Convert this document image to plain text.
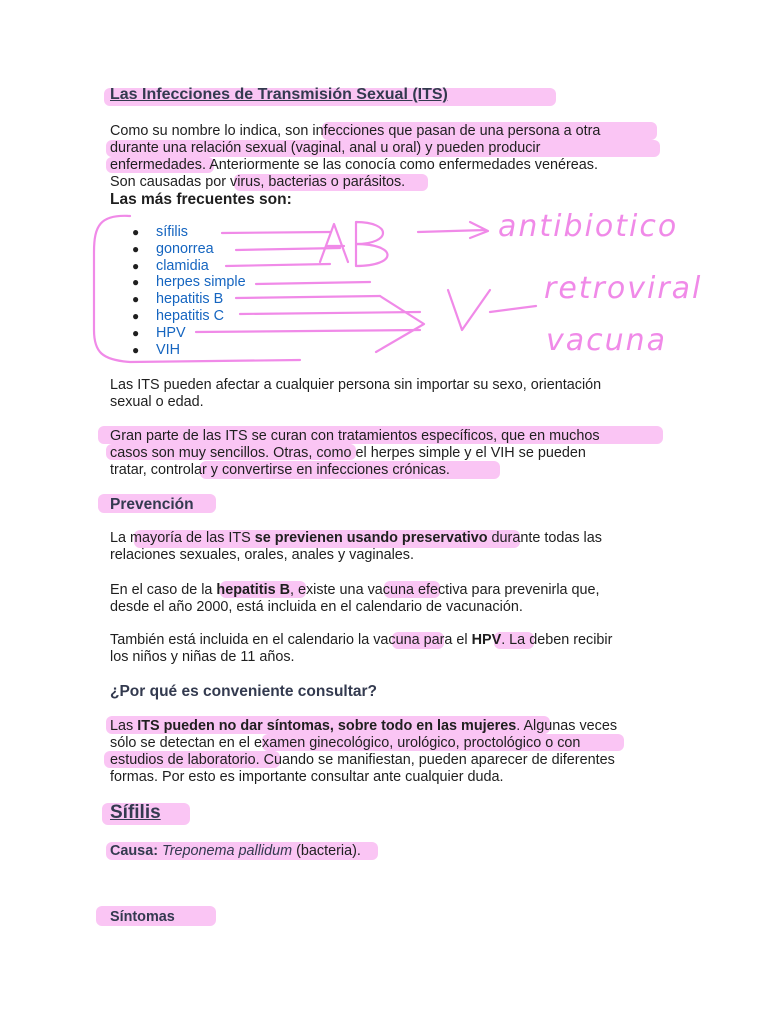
Las Infecciones de Transmisión Sexual (ITS)
Como su nombre lo indica, son infecciones que pasan de una persona a otra
durante una relación sexual (vaginal, anal u oral) y pueden producir
enfermedades. Anteriormente se las conocía como enfermedades venéreas.
Son causadas por virus, bacterias o parásitos.
Las más frecuentes son:
● sífilis
● gonorrea
● clamidia
● herpes simple
● hepatitis B
● hepatitis C
● HPV
● VIH
Las ITS pueden afectar a cualquier persona sin importar su sexo, orientación
sexual o edad.
Gran parte de las ITS se curan con tratamientos específicos, que en muchos
casos son muy sencillos. Otras, como el herpes simple y el VIH se pueden
tratar, controlar y convertirse en infecciones crónicas.
Prevención
La mayoría de las ITS se previenen usando preservativo durante todas las
relaciones sexuales, orales, anales y vaginales.
En el caso de la hepatitis B, existe una vacuna efectiva para prevenirla que,
desde el año 2000, está incluida en el calendario de vacunación.
También está incluida en el calendario la vacuna para el HPV. La deben recibir
los niños y niñas de 11 años.
¿Por qué es conveniente consultar?
Las ITS pueden no dar síntomas, sobre todo en las mujeres. Algunas veces
sólo se detectan en el examen ginecológico, urológico, proctológico o con
estudios de laboratorio. Cuando se manifiestan, pueden aparecer de diferentes
formas. Por esto es importante consultar ante cualquier duda.
Sífilis
Causa: Treponema pallidum (bacteria).
Síntomas
antibiotico
retroviral
vacuna
